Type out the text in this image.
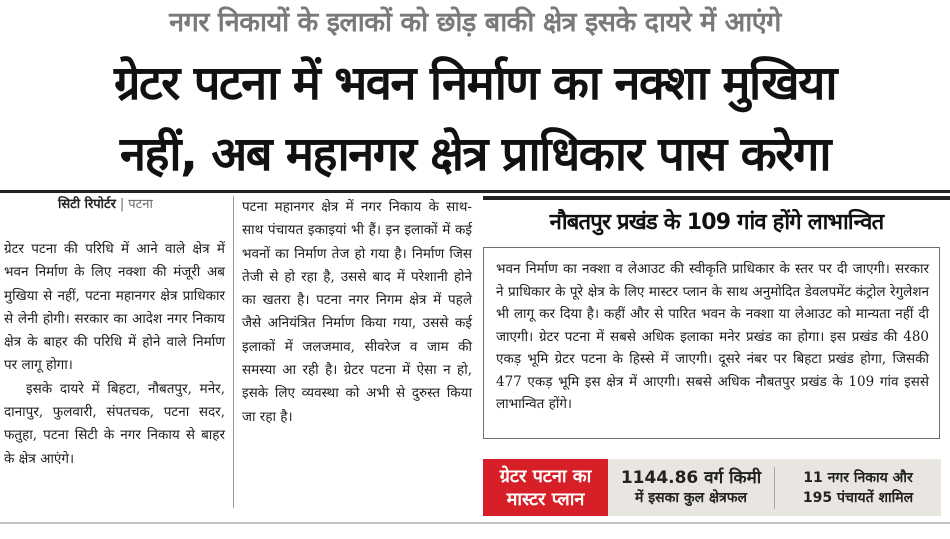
नगर निकायों के इलाकों को छोड़ बाकी क्षेत्र इसके दायरे में आएंगे
ग्रेटर पटना में भवन निर्माण का नक्शा मुखिया
नहीं, अब महानगर क्षेत्र प्राधिकार पास करेगा
सिटी रिपोर्टर | पटना

ग्रेटर पटना की परिधि में आने वाले क्षेत्र में भवन निर्माण के लिए नक्शा की मंजूरी अब मुखिया से नहीं, पटना महानगर क्षेत्र प्राधिकार से लेनी होगी। सरकार का आदेश नगर निकाय क्षेत्र के बाहर की परिधि में होने वाले निर्माण पर लागू होगा।

इसके दायरे में बिहटा, नौबतपुर, मनेर, दानापुर, फुलवारी, संपतचक, पटना सदर, फतुहा, पटना सिटी के नगर निकाय से बाहर के क्षेत्र आएंगे।

पटना महानगर क्षेत्र में नगर निकाय के साथ-साथ पंचायत इकाइयां भी हैं। इन इलाकों में कई भवनों का निर्माण तेज हो गया है। निर्माण जिस तेजी से हो रहा है, उससे बाद में परेशानी होने का खतरा है। पटना नगर निगम क्षेत्र में पहले जैसे अनियंत्रित निर्माण किया गया, उससे कई इलाकों में जलजमाव, सीवरेज व जाम की समस्या आ रही है। ग्रेटर पटना में ऐसा न हो, इसके लिए व्यवस्था को अभी से दुरुस्त किया जा रहा है।

नौबतपुर प्रखंड के 109 गांव होंगे लाभान्वित

भवन निर्माण का नक्शा व लेआउट की स्वीकृति प्राधिकार के स्तर पर दी जाएगी। सरकार ने प्राधिकार के पूरे क्षेत्र के लिए मास्टर प्लान के साथ अनुमोदित डेवलपमेंट कंट्रोल रेगुलेशन भी लागू कर दिया है। कहीं और से पारित भवन के नक्शा या लेआउट को मान्यता नहीं दी जाएगी। ग्रेटर पटना में सबसे अधिक इलाका मनेर प्रखंड का होगा। इस प्रखंड की 480 एकड़ भूमि ग्रेटर पटना के हिस्से में जाएगी। दूसरे नंबर पर बिहटा प्रखंड होगा, जिसकी 477 एकड़ भूमि इस क्षेत्र में आएगी। सबसे अधिक नौबतपुर प्रखंड के 109 गांव इससे लाभान्वित होंगे।

ग्रेटर पटना का
मास्टर प्लान
1144.86 वर्ग किमी
में इसका कुल क्षेत्रफल
11 नगर निकाय और
195 पंचायतें शामिल
